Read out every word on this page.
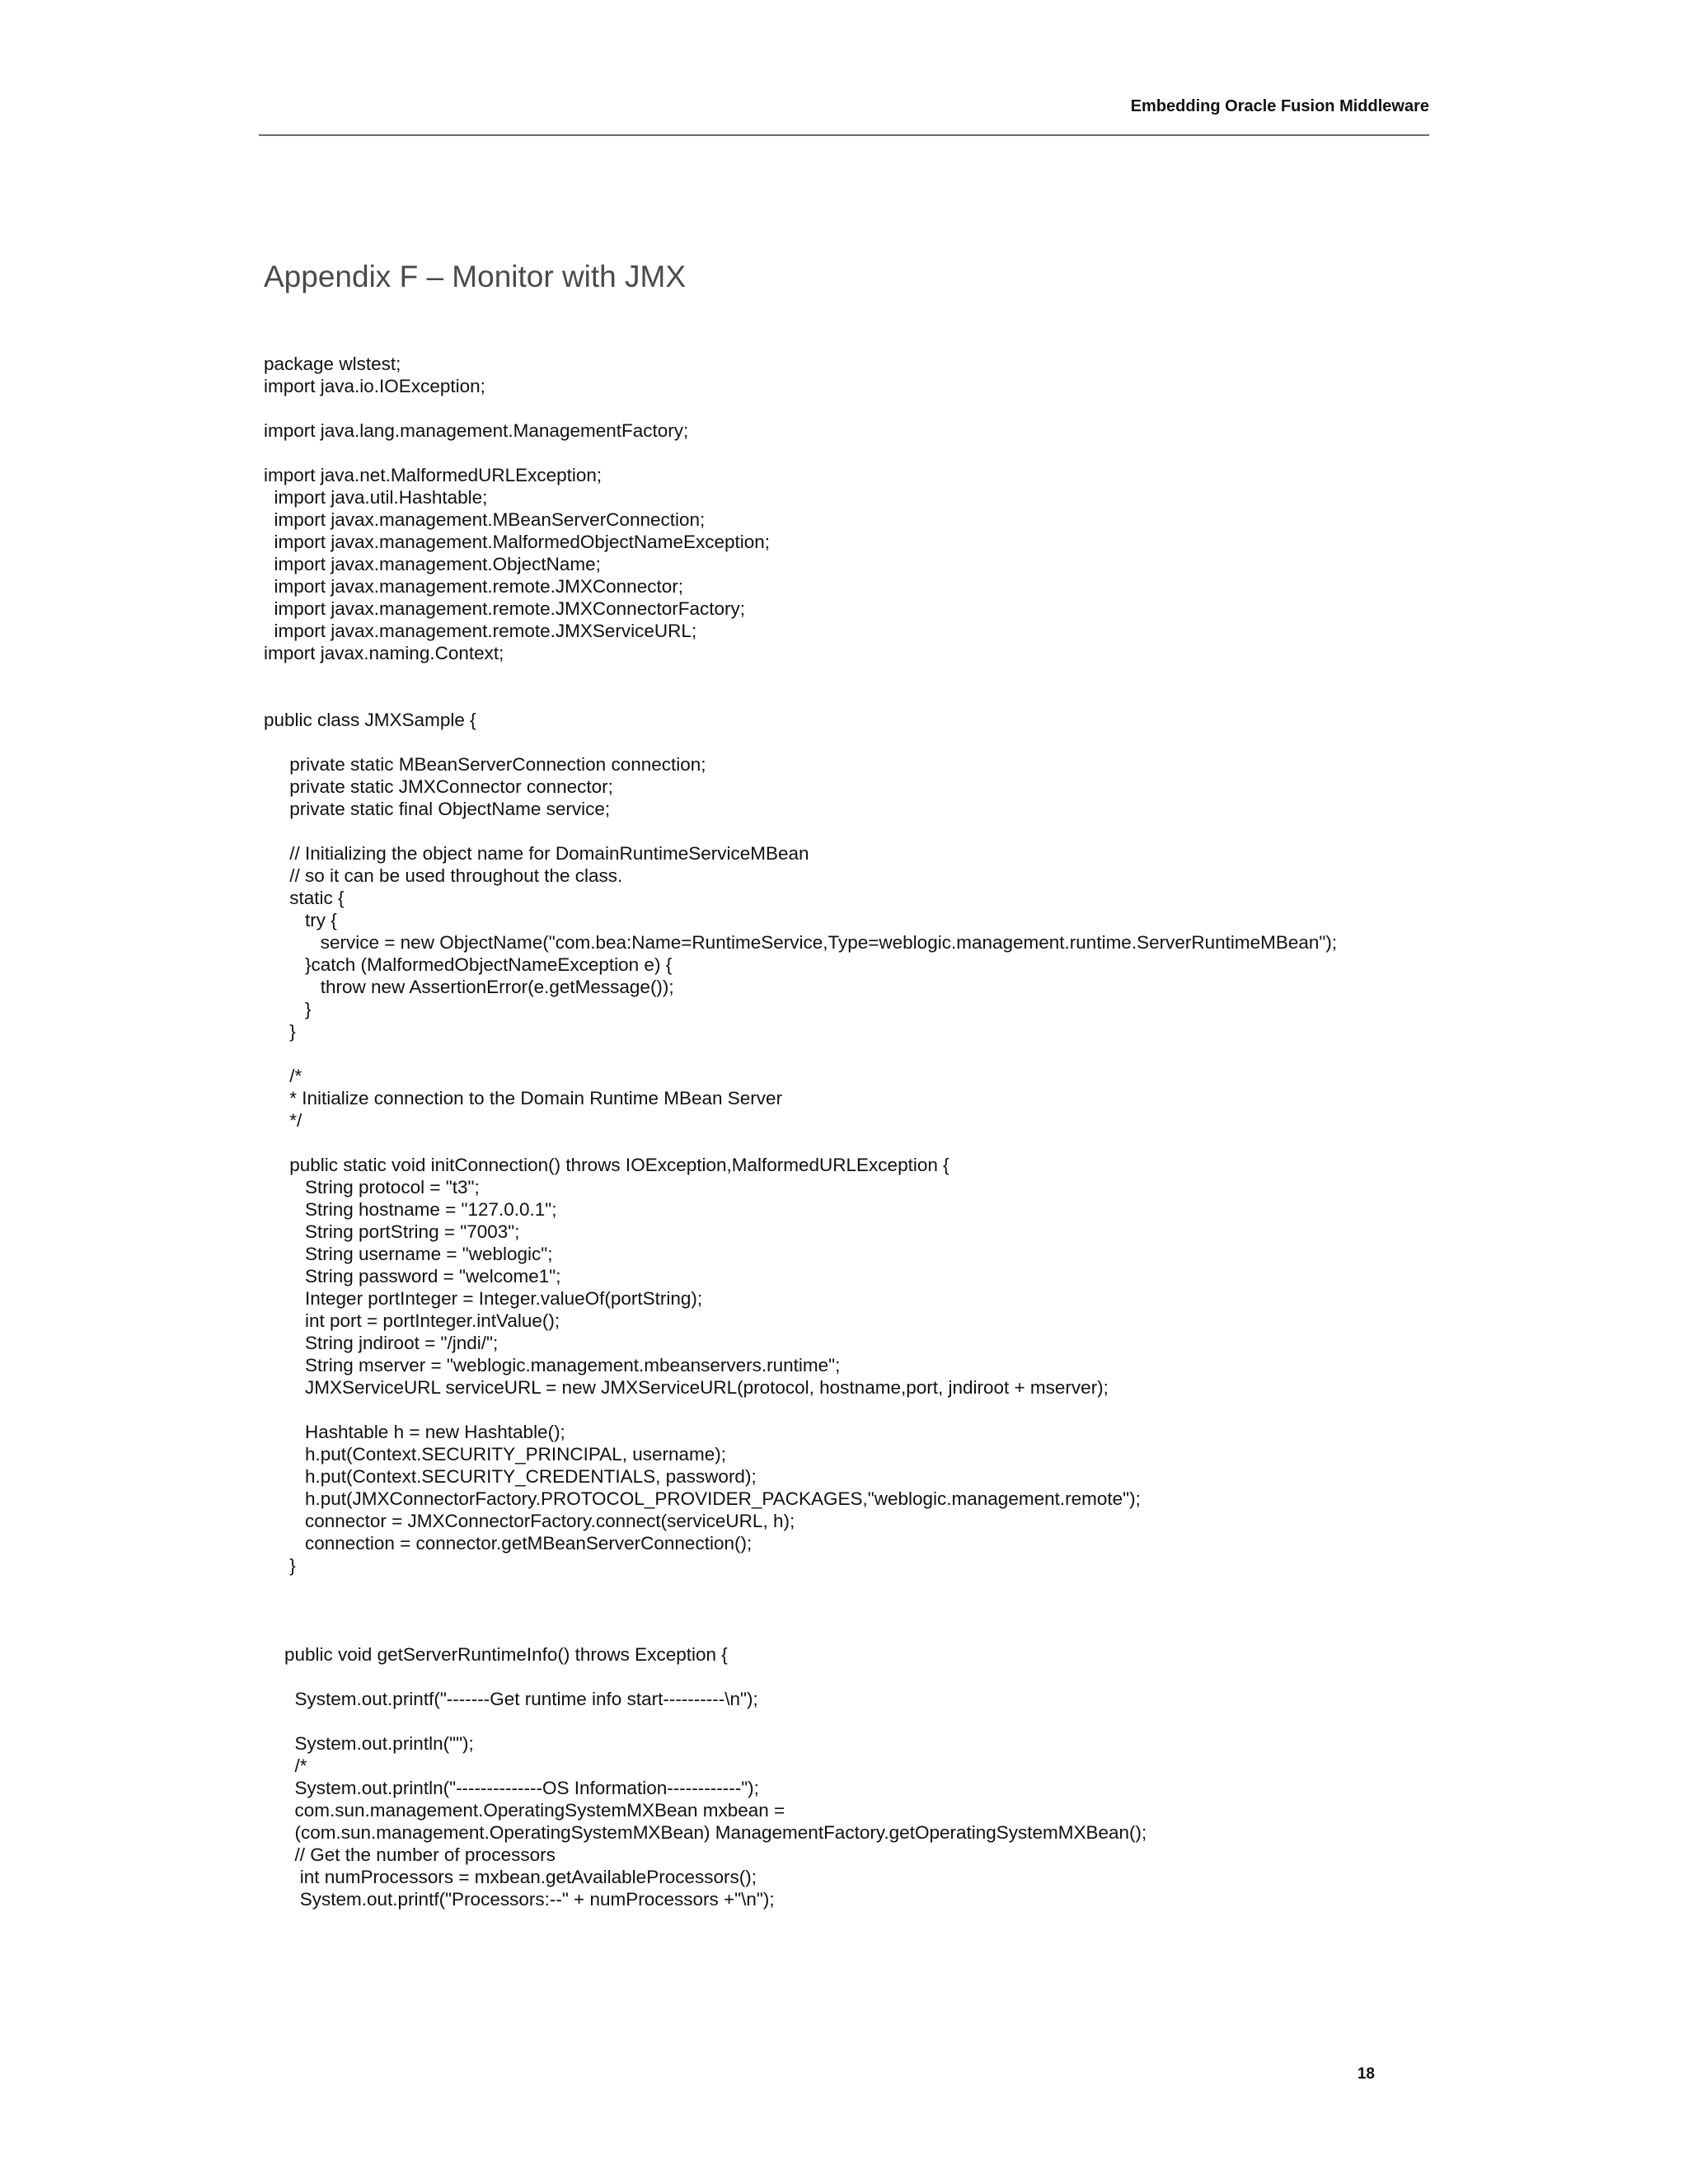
Embedding Oracle Fusion Middleware
Appendix F – Monitor with JMX
package wlstest;
import java.io.IOException;
import java.lang.management.ManagementFactory;
import java.net.MalformedURLException;
import java.util.Hashtable;
import javax.management.MBeanServerConnection;
import javax.management.MalformedObjectNameException;
import javax.management.ObjectName;
import javax.management.remote.JMXConnector;
import javax.management.remote.JMXConnectorFactory;
import javax.management.remote.JMXServiceURL;
import javax.naming.Context;
public class JMXSample {
private static MBeanServerConnection connection;
private static JMXConnector connector;
private static final ObjectName service;
// Initializing the object name for DomainRuntimeServiceMBean
// so it can be used throughout the class.
static {
try {
service = new ObjectName("com.bea:Name=RuntimeService,Type=weblogic.management.runtime.ServerRuntimeMBean");
}catch (MalformedObjectNameException e) {
throw new AssertionError(e.getMessage());
}
}
/*
* Initialize connection to the Domain Runtime MBean Server
*/
public static void initConnection() throws IOException,MalformedURLException {
String protocol = "t3";
String hostname = "127.0.0.1";
String portString = "7003";
String username = "weblogic";
String password = "welcome1";
Integer portInteger = Integer.valueOf(portString);
int port = portInteger.intValue();
String jndiroot = "/jndi/";
String mserver = "weblogic.management.mbeanservers.runtime";
JMXServiceURL serviceURL = new JMXServiceURL(protocol, hostname,port, jndiroot + mserver);
Hashtable h = new Hashtable();
h.put(Context.SECURITY_PRINCIPAL, username);
h.put(Context.SECURITY_CREDENTIALS, password);
h.put(JMXConnectorFactory.PROTOCOL_PROVIDER_PACKAGES,"weblogic.management.remote");
connector = JMXConnectorFactory.connect(serviceURL, h);
connection = connector.getMBeanServerConnection();
}
public void getServerRuntimeInfo() throws Exception {
System.out.printf("-------Get runtime info start----------\n");
System.out.println("");
/*
System.out.println("--------------OS Information------------");
com.sun.management.OperatingSystemMXBean mxbean =
(com.sun.management.OperatingSystemMXBean) ManagementFactory.getOperatingSystemMXBean();
// Get the number of processors
int numProcessors = mxbean.getAvailableProcessors();
System.out.printf("Processors:--" + numProcessors +"\n");
18
